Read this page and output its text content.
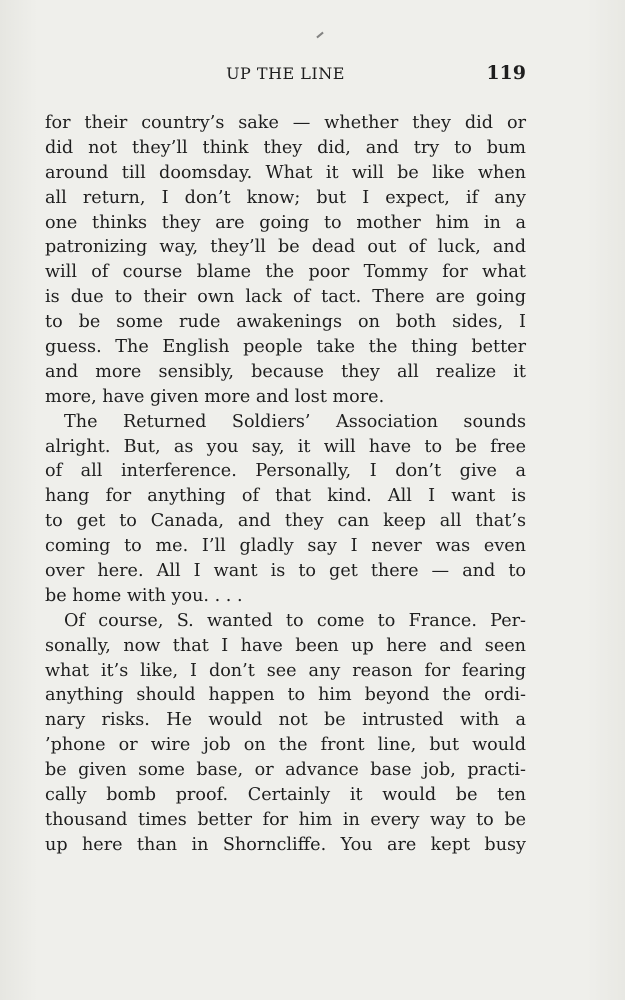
UP THE LINE	119
for their country’s sake — whether they did or
did not they’ll think they did, and try to bum
around till doomsday. What it will be like when
all return, I don’t know; but I expect, if any
one thinks they are going to mother him in a
patronizing way, they’ll be dead out of luck, and
will of course blame the poor Tommy for what
is due to their own lack of tact. There are going
to be some rude awakenings on both sides, I
guess. The English people take the thing better
and more sensibly, because they all realize it
more, have given more and lost more.
The Returned Soldiers’ Association sounds
alright. But, as you say, it will have to be free
of all interference. Personally, I don’t give a
hang for anything of that kind. All I want is
to get to Canada, and they can keep all that’s
coming to me. I’ll gladly say I never was even
over here. All I want is to get there — and to
be home with you. . . .
Of course, S. wanted to come to France. Per-
sonally, now that I have been up here and seen
what it’s like, I don’t see any reason for fearing
anything should happen to him beyond the ordi-
nary risks. He would not be intrusted with a
’phone or wire job on the front line, but would
be given some base, or advance base job, practi-
cally bomb proof. Certainly it would be ten
thousand times better for him in every way to be
up here than in Shorncliffe. You are kept busy
